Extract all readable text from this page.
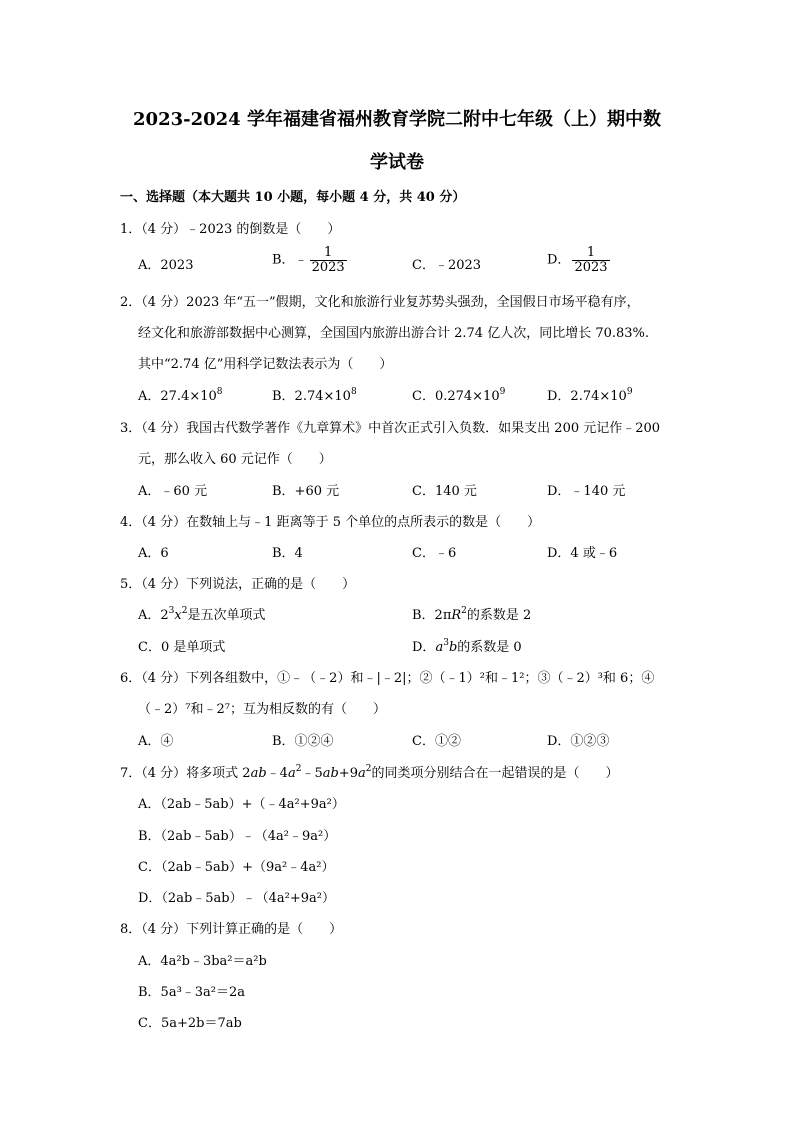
2023-2024 学年福建省福州教育学院二附中七年级（上）期中数
学试卷
一、选择题（本大题共 10 小题，每小题 4 分，共 40 分）
1．（4 分）﹣2023 的倒数是（　　）
A．2023	B．﹣ $\frac{1}{2023}$	C．﹣2023	D． $\frac{1}{2023}$
2．（4 分）2023 年“五一”假期，文化和旅游行业复苏势头强劲，全国假日市场平稳有序，
经文化和旅游部数据中心测算，全国国内旅游出游合计 2.74 亿人次，同比增长 70.83%.
其中“2.74 亿”用科学记数法表示为（　　）
A．$27.4\times 10^8$	B．$2.74\times 10^8$	C．$0.274\times 10^9$	D．$2.74\times 10^9$
3．（4 分）我国古代数学著作《九章算术》中首次正式引入负数．如果支出 200 元记作﹣200
元，那么收入 60 元记作（　　）
A．﹣60 元	B．+60 元	C．140 元	D．﹣140 元
4．（4 分）在数轴上与﹣1 距离等于 5 个单位的点所表示的数是（　　）
A．6	B．4	C．﹣6	D．4 或﹣6
5．（4 分）下列说法，正确的是（　　）
A．$2^3x^2$是五次单项式	B．$2\pi R^2$的系数是 2
C．0 是单项式	D．$a^3b$的系数是 0
6．（4 分）下列各组数中，①﹣（﹣2）和﹣|﹣2|；②（﹣1）²和﹣1²；③（﹣2）³和 6；④
（﹣2）⁷和﹣2⁷；互为相反数的有（　　）
A．④	B．①②④	C．①②	D．①②③
7．（4 分）将多项式 $2ab﹣4a^2﹣5ab+9a^2$的同类项分别结合在一起错误的是（　　）
A．（2ab﹣5ab）+（﹣4a²+9a²）
B．（2ab﹣5ab）﹣（4a²﹣9a²）
C．（2ab﹣5ab）+（9a²﹣4a²）
D．（2ab﹣5ab）﹣（4a²+9a²）
8．（4 分）下列计算正确的是（　　）
A．4a²b﹣3ba²＝a²b
B．5a³﹣3a²＝2a
C．5a+2b＝7ab
